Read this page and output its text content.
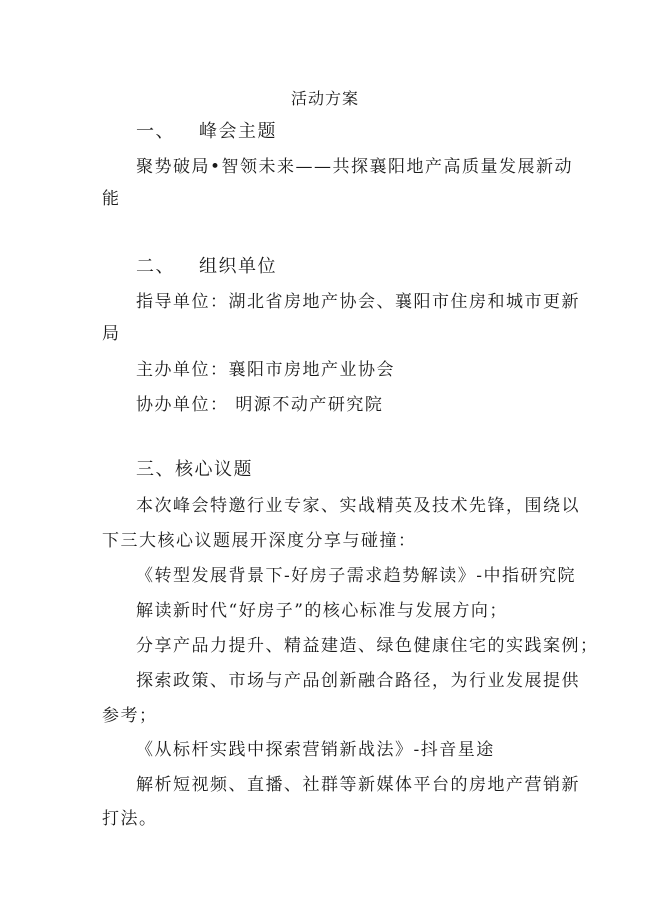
活动方案
一、 峰会主题
聚势破局•智领未来——共探襄阳地产高质量发展新动
能
二、 组织单位
指导单位：湖北省房地产协会、襄阳市住房和城市更新
局
主办单位：襄阳市房地产业协会
协办单位： 明源不动产研究院
三、核心议题
本次峰会特邀行业专家、实战精英及技术先锋，围绕以
下三大核心议题展开深度分享与碰撞：
《转型发展背景下-好房子需求趋势解读》-中指研究院
解读新时代“好房子”的核心标准与发展方向；
分享产品力提升、精益建造、绿色健康住宅的实践案例；
探索政策、市场与产品创新融合路径，为行业发展提供
参考；
《从标杆实践中探索营销新战法》-抖音星途
解析短视频、直播、社群等新媒体平台的房地产营销新
打法。
